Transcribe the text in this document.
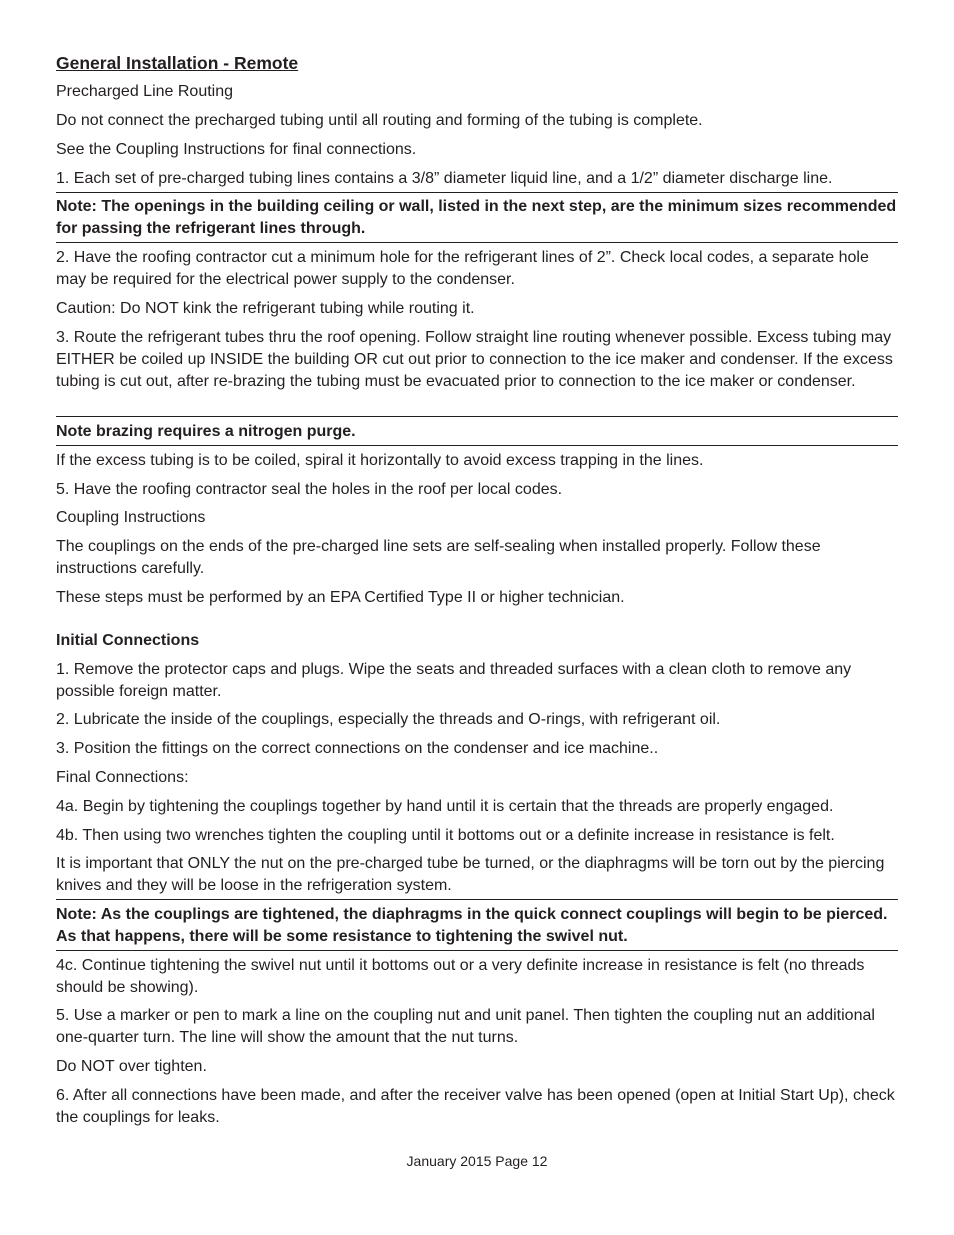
General Installation - Remote
Precharged Line Routing
Do not connect the precharged tubing until all routing and forming of the tubing is complete.
See the Coupling Instructions for final connections.
1. Each set of pre-charged tubing lines contains a 3/8” diameter liquid line, and a 1/2” diameter discharge line.
Note: The openings in the building ceiling or wall, listed in the next step, are the minimum sizes recommended for passing the refrigerant lines through.
2. Have the roofing contractor cut a minimum hole for the refrigerant lines of 2”. Check local codes, a separate hole may be required for the electrical power supply to the condenser.
Caution: Do NOT kink the refrigerant tubing while routing it.
3. Route the refrigerant tubes thru the roof opening. Follow straight line routing whenever possible. Excess tubing may EITHER be coiled up INSIDE the building OR cut out prior to connection to the ice maker and condenser. If the excess tubing is cut out, after re-brazing the tubing must be evacuated prior to connection to the ice maker or condenser.
Note brazing requires a nitrogen purge.
If the excess tubing is to be coiled, spiral it horizontally to avoid excess trapping in the lines.
5. Have the roofing contractor seal the holes in the roof per local codes.
Coupling Instructions
The couplings on the ends of the pre-charged line sets are self-sealing when installed properly. Follow these instructions carefully.
These steps must be performed by an EPA Certified Type II or higher technician.
Initial Connections
1. Remove the protector caps and plugs. Wipe the seats and threaded surfaces with a clean cloth to remove any possible foreign matter.
2. Lubricate the inside of the couplings, especially the threads and O-rings, with refrigerant oil.
3. Position the fittings on the correct connections on the condenser and ice machine..
Final Connections:
4a. Begin by tightening the couplings together by hand until it is certain that the threads are properly engaged.
4b. Then using two wrenches tighten the coupling until it bottoms out or a definite increase in resistance is felt.
It is important that ONLY the nut on the pre-charged tube be turned, or the diaphragms will be torn out by the piercing knives and they will be loose in the refrigeration system.
Note: As the couplings are tightened, the diaphragms in the quick connect couplings will begin to be pierced. As that happens, there will be some resistance to tightening the swivel nut.
4c. Continue tightening the swivel nut until it bottoms out or a very definite increase in resistance is felt (no threads should be showing).
5. Use a marker or pen to mark a line on the coupling nut and unit panel. Then tighten the coupling nut an additional one-quarter turn. The line will show the amount that the nut turns.
Do NOT over tighten.
6. After all connections have been made, and after the receiver valve has been opened (open at Initial Start Up), check the couplings for leaks.
January 2015 Page 12
